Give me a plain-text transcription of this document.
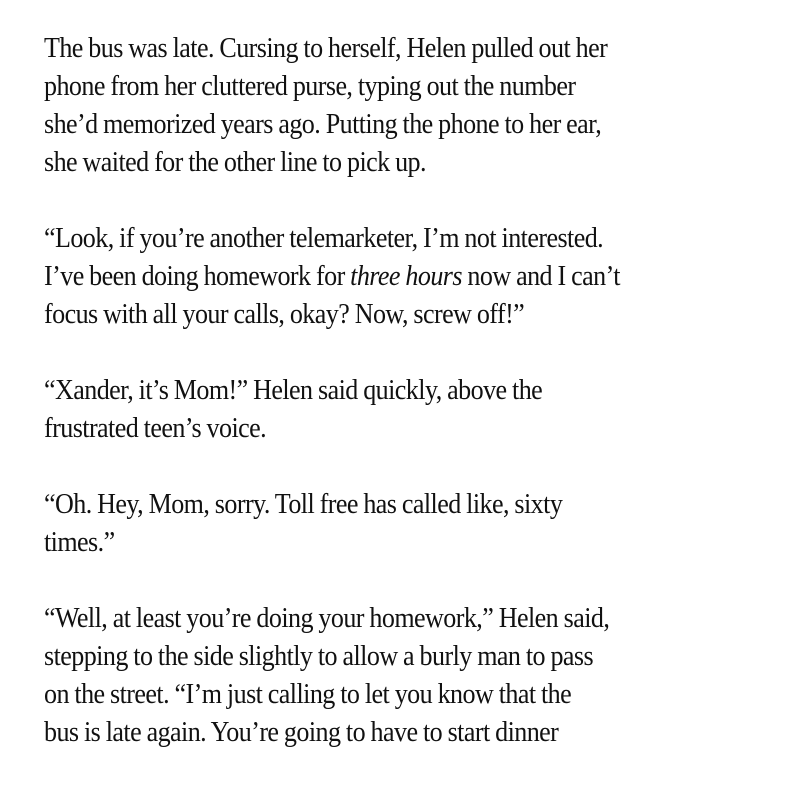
The bus was late. Cursing to herself, Helen pulled out her
phone from her cluttered purse, typing out the number
she’d memorized years ago. Putting the phone to her ear,
she waited for the other line to pick up.

“Look, if you’re another telemarketer, I’m not interested.
I’ve been doing homework for three hours now and I can’t
focus with all your calls, okay? Now, screw off!”

“Xander, it’s Mom!” Helen said quickly, above the
frustrated teen’s voice.

“Oh. Hey, Mom, sorry. Toll free has called like, sixty
times.”

“Well, at least you’re doing your homework,” Helen said,
stepping to the side slightly to allow a burly man to pass
on the street. “I’m just calling to let you know that the
bus is late again. You’re going to have to start dinner
